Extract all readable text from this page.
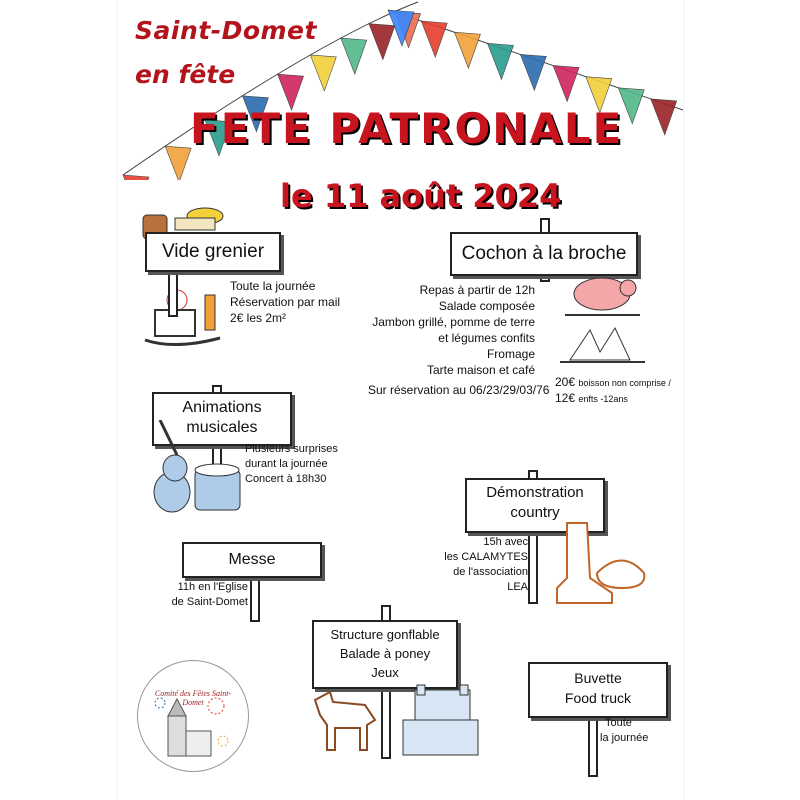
Saint-Domet
en fête
FETE PATRONALE
le 11 août 2024
Vide grenier
Toute la journée
Réservation par mail
2€ les 2m²
Cochon à la broche
Repas à partir de 12h
Salade composée
Jambon grillé, pomme de terre
et légumes confits
Fromage
Tarte maison et café
Sur réservation au 06/23/29/03/76
20€ boisson non comprise /
12€ enfts -12ans
Animations
musicales
Plusieurs surprises
durant la journée
Concert à 18h30
Démonstration
country
15h avec
les CALAMYTES
de l'association
LEA
Messe
11h en l'Eglise
de Saint-Domet
Structure gonflable
Balade à poney
Jeux	Buvette
Food truck
Toute
la journée
Comité des Fêtes Saint-Domet
